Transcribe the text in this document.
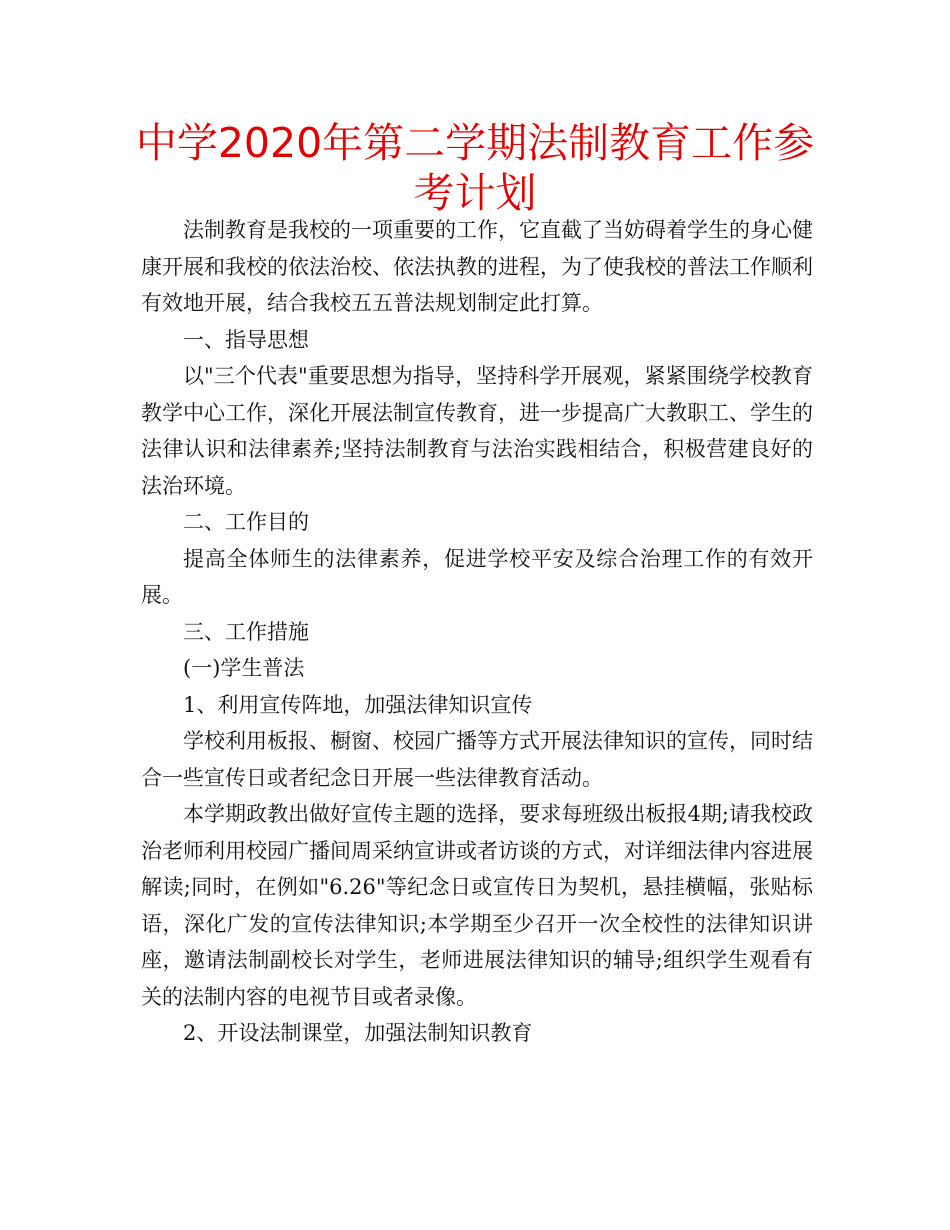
中学2020年第二学期法制教育工作参考计划

法制教育是我校的一项重要的工作，它直截了当妨碍着学生的身心健康开展和我校的依法治校、依法执教的进程，为了使我校的普法工作顺利有效地开展，结合我校五五普法规划制定此打算。

一、指导思想

以"三个代表"重要思想为指导，坚持科学开展观，紧紧围绕学校教育教学中心工作，深化开展法制宣传教育，进一步提高广大教职工、学生的法律认识和法律素养;坚持法制教育与法治实践相结合，积极营建良好的法治环境。

二、工作目的

提高全体师生的法律素养，促进学校平安及综合治理工作的有效开展。

三、工作措施

(一)学生普法

1、利用宣传阵地，加强法律知识宣传

学校利用板报、橱窗、校园广播等方式开展法律知识的宣传，同时结合一些宣传日或者纪念日开展一些法律教育活动。

本学期政教出做好宣传主题的选择，要求每班级出板报4期;请我校政治老师利用校园广播间周采纳宣讲或者访谈的方式，对详细法律内容进展解读;同时，在例如"6.26"等纪念日或宣传日为契机，悬挂横幅，张贴标语，深化广发的宣传法律知识;本学期至少召开一次全校性的法律知识讲座，邀请法制副校长对学生，老师进展法律知识的辅导;组织学生观看有关的法制内容的电视节目或者录像。

2、开设法制课堂，加强法制知识教育
